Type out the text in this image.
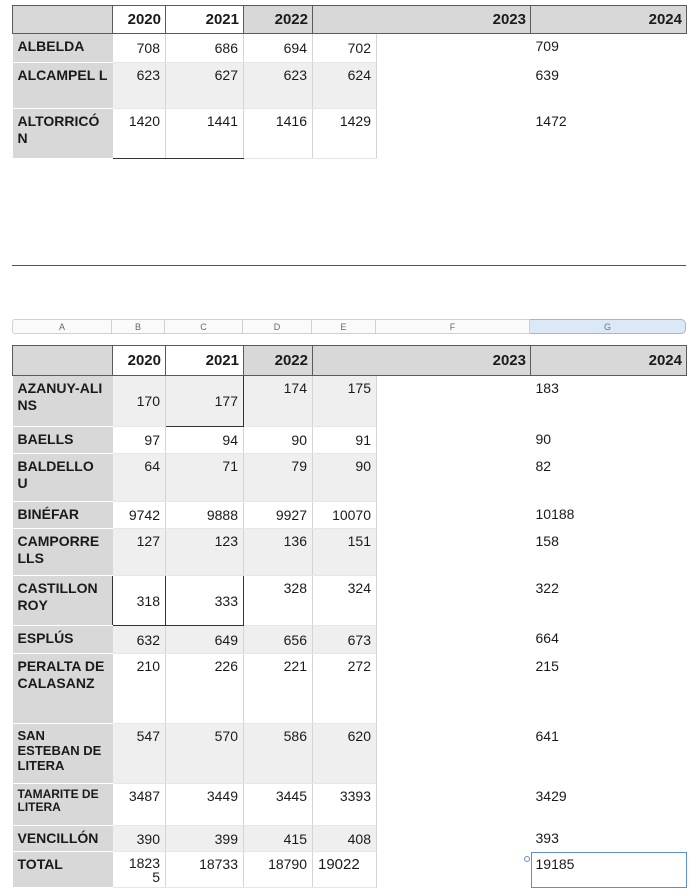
	2020	2021	2022	2023		2024
ALBELDA	708	686	694	702		709
ALCAMPEL L	623	627	623	624		639
ALTORRICÓ N	1420	1441	1416	1429		1472
A	B	C	D	E	F	G
	2020	2021	2022	2023		2024
AZANUY-ALINS	170	177	174	175		183
BAELLS	97	94	90	91		90
BALDELLO U	64	71	79	90		82
BINÉFAR	9742	9888	9927	10070		10188
CAMPORRE LLS	127	123	136	151		158
CASTILLON ROY	318	333	328	324		322
ESPLÚS	632	649	656	673		664
PERALTA DE CALASANZ	210	226	221	272		215
SAN ESTEBAN DE LITERA	547	570	586	620		641
TAMARITE DE LITERA	3487	3449	3445	3393		3429
VENCILLÓN	390	399	415	408		393
TOTAL	1823 5	18733	18790	19022		19185
